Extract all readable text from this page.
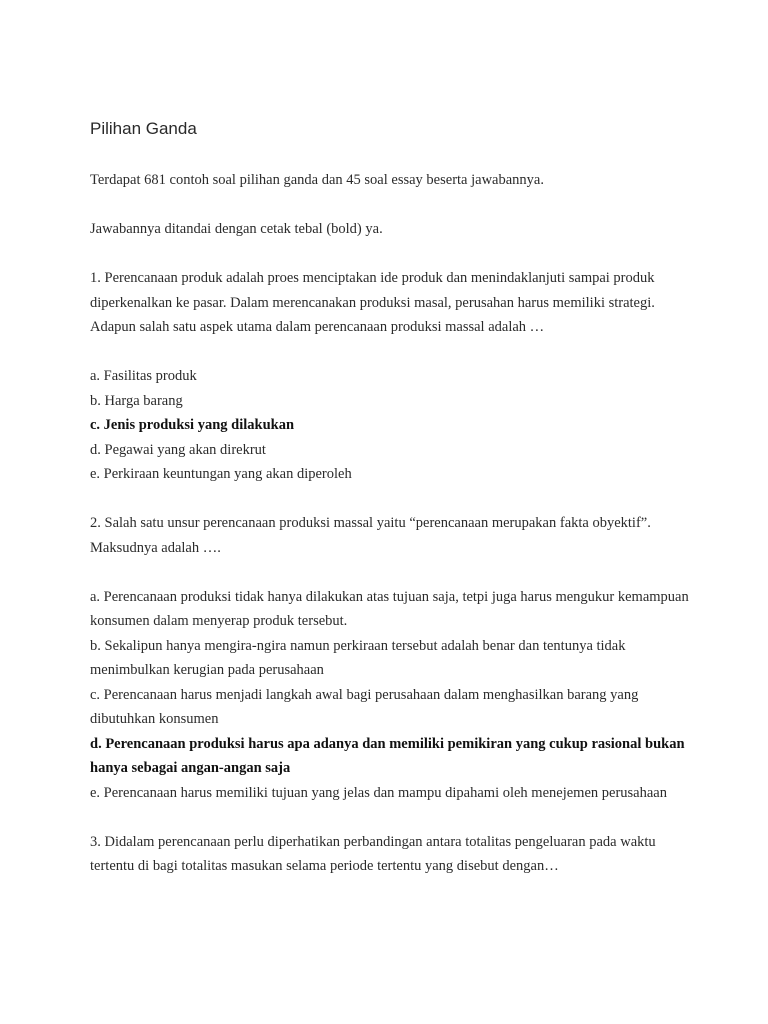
Pilihan Ganda

Terdapat 681 contoh soal pilihan ganda dan 45 soal essay beserta jawabannya.

Jawabannya ditandai dengan cetak tebal (bold) ya.

1. Perencanaan produk adalah proes menciptakan ide produk dan menindaklanjuti sampai produk diperkenalkan ke pasar. Dalam merencanakan produksi masal, perusahan harus memiliki strategi. Adapun salah satu aspek utama dalam perencanaan produksi massal adalah …

a. Fasilitas produk

b. Harga barang

c. Jenis produksi yang dilakukan

d. Pegawai yang akan direkrut

e. Perkiraan keuntungan yang akan diperoleh

2. Salah satu unsur perencanaan produksi massal yaitu “perencanaan merupakan fakta obyektif”. Maksudnya adalah ….

a. Perencanaan produksi tidak hanya dilakukan atas tujuan saja, tetpi juga harus mengukur kemampuan konsumen dalam menyerap produk tersebut.

b. Sekalipun hanya mengira-ngira namun perkiraan tersebut adalah benar dan tentunya tidak menimbulkan kerugian pada perusahaan

c. Perencanaan harus menjadi langkah awal bagi perusahaan dalam menghasilkan barang yang dibutuhkan konsumen

d. Perencanaan produksi harus apa adanya dan memiliki pemikiran yang cukup rasional bukan hanya sebagai angan-angan saja

e. Perencanaan harus memiliki tujuan yang jelas dan mampu dipahami oleh menejemen perusahaan

3. Didalam perencanaan perlu diperhatikan perbandingan antara totalitas pengeluaran pada waktu tertentu di bagi totalitas masukan selama periode tertentu yang disebut dengan…
